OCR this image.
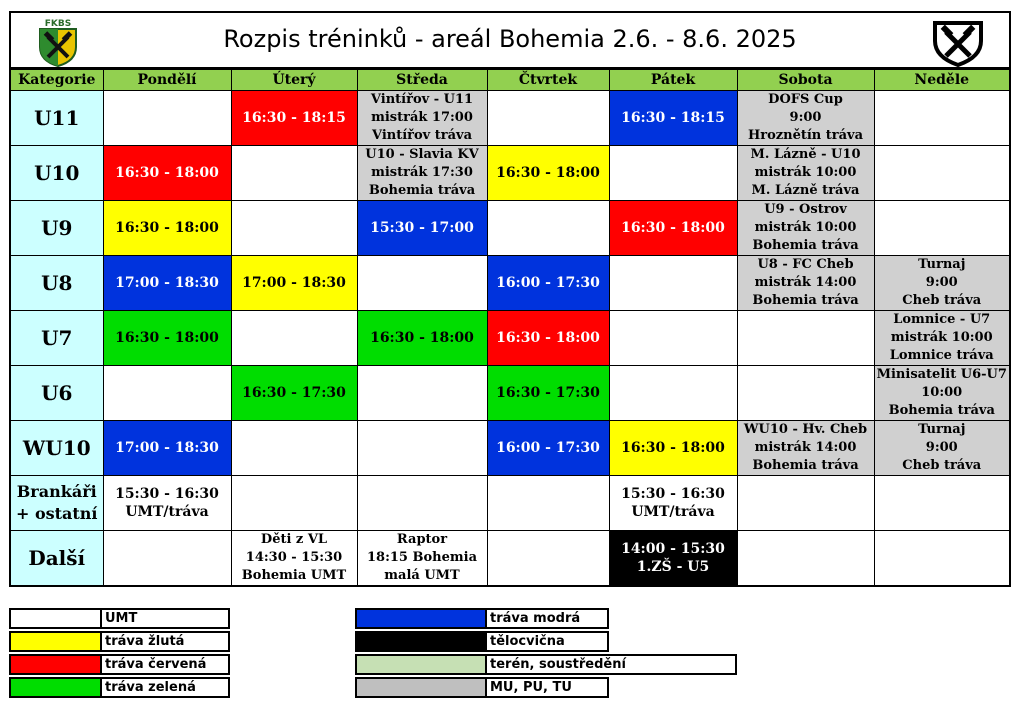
FKBS
Rozpis tréninků - areál Bohemia 2.6. - 8.6. 2025
Kategorie	Pondělí	Úterý	Středa	Čtvrtek	Pátek	Sobota	Neděle
U11		16:30 - 18:15	Vintířov - U11
mistrák 17:00
Vintířov tráva		16:30 - 18:15	DOFS Cup
9:00
Hroznětín tráva	
U10	16:30 - 18:00		U10 - Slavia KV
mistrák 17:30
Bohemia tráva	16:30 - 18:00		M. Lázně - U10
mistrák 10:00
M. Lázně tráva	
U9	16:30 - 18:00		15:30 - 17:00		16:30 - 18:00	U9 - Ostrov
mistrák 10:00
Bohemia tráva	
U8	17:00 - 18:30	17:00 - 18:30		16:00 - 17:30		U8 - FC Cheb
mistrák 14:00
Bohemia tráva	Turnaj
9:00
Cheb tráva
U7	16:30 - 18:00		16:30 - 18:00	16:30 - 18:00			Lomnice - U7
mistrák 10:00
Lomnice tráva
U6		16:30 - 17:30		16:30 - 17:30			Minisatelit U6-U7
10:00
Bohemia tráva
WU10	17:00 - 18:30			16:00 - 17:30	16:30 - 18:00	WU10 - Hv. Cheb
mistrák 14:00
Bohemia tráva	Turnaj
9:00
Cheb tráva
Brankáři
+ ostatní	15:30 - 16:30
UMT/tráva				15:30 - 16:30
UMT/tráva		
Další		Děti z VL
14:30 - 15:30
Bohemia UMT	Raptor
18:15 Bohemia
malá UMT		14:00 - 15:30
1.ZŠ - U5		
UMT
tráva žlutá
tráva červená
tráva zelená
tráva modrá
tělocvična
terén, soustředění
MU, PU, TU
